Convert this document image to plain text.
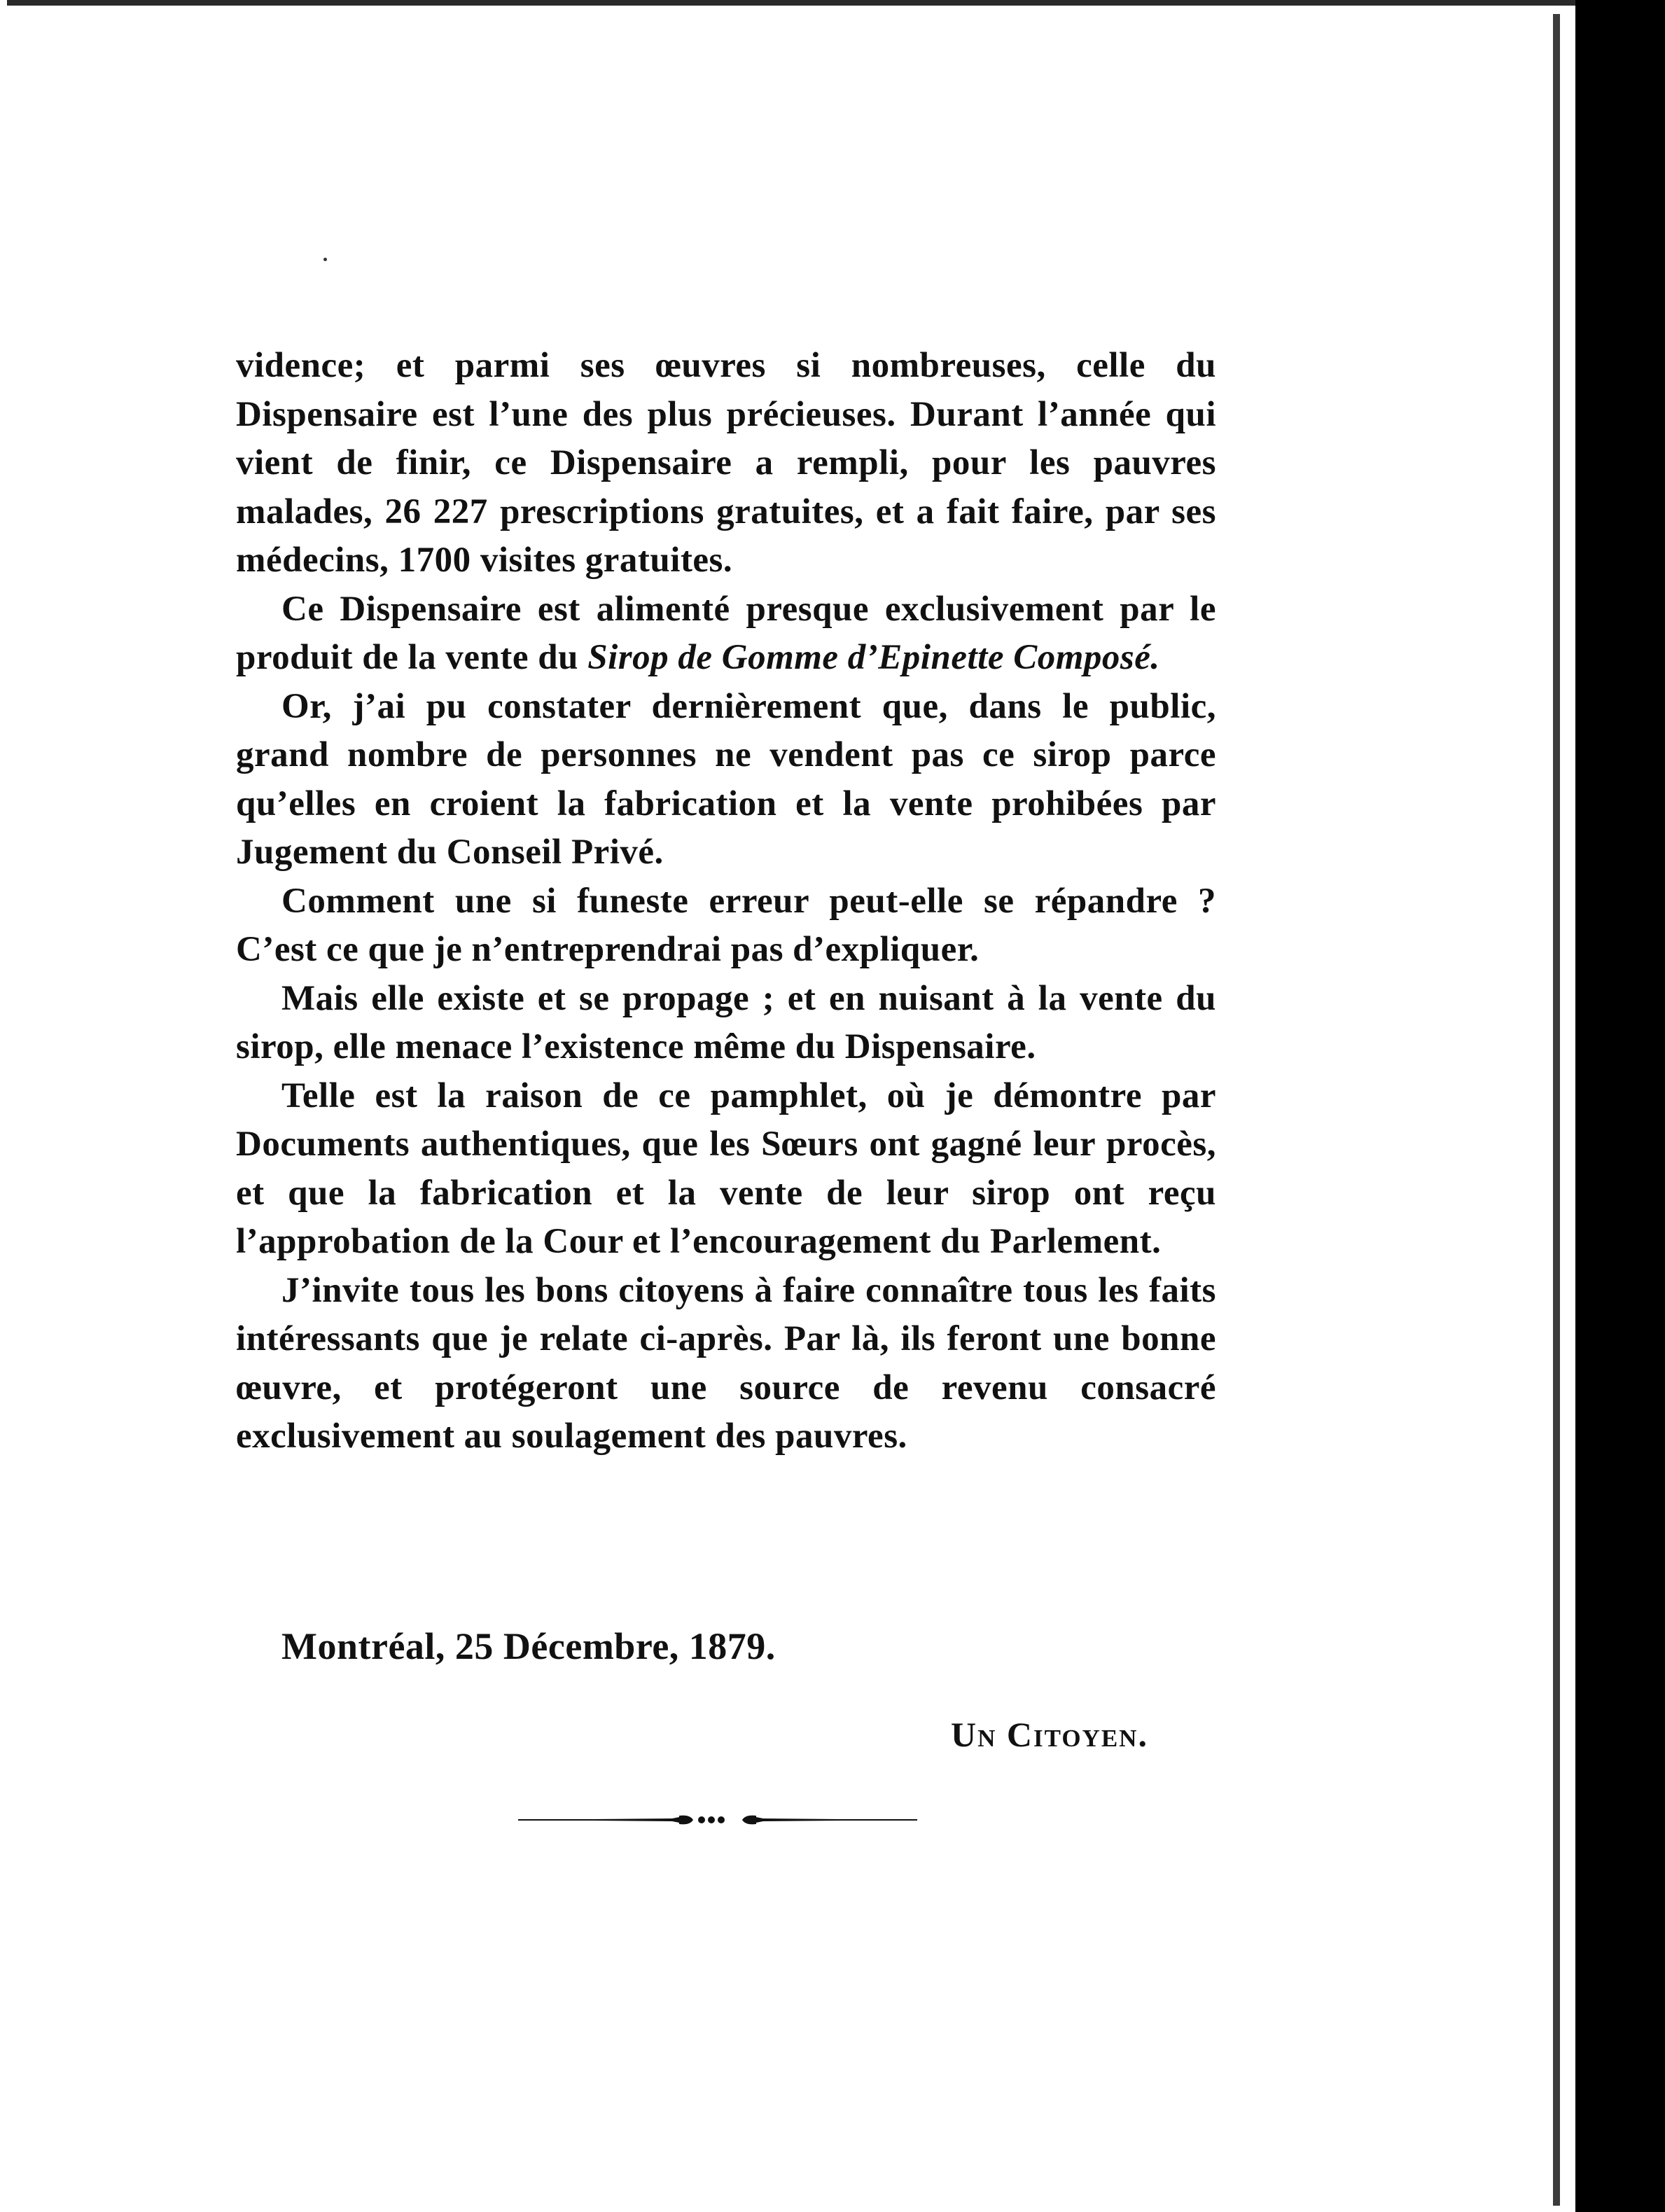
vidence; et parmi ses œuvres si nombreuses, celle du Dispensaire est l’une des plus précieuses. Durant l’année qui vient de finir, ce Dispensaire a rempli, pour les pauvres malades, 26 227 prescriptions gratuites, et a fait faire, par ses médecins, 1700 visites gratuites.

Ce Dispensaire est alimenté presque exclusivement par le produit de la vente du Sirop de Gomme d’Epinette Composé.

Or, j’ai pu constater dernièrement que, dans le public, grand nombre de personnes ne vendent pas ce sirop parce qu’elles en croient la fabrication et la vente prohibées par Jugement du Conseil Privé.

Comment une si funeste erreur peut-elle se répandre ? C’est ce que je n’entreprendrai pas d’expliquer.

Mais elle existe et se propage ; et en nuisant à la vente du sirop, elle menace l’existence même du Dispensaire.

Telle est la raison de ce pamphlet, où je démontre par Documents authentiques, que les Sœurs ont gagné leur procès, et que la fabrication et la vente de leur sirop ont reçu l’approbation de la Cour et l’encouragement du Parlement.

J’invite tous les bons citoyens à faire connaître tous les faits intéressants que je relate ci-après. Par là, ils feront une bonne œuvre, et protégeront une source de revenu consacré exclusivement au soulagement des pauvres.

Montréal, 25 Décembre, 1879.
Un Citoyen.
